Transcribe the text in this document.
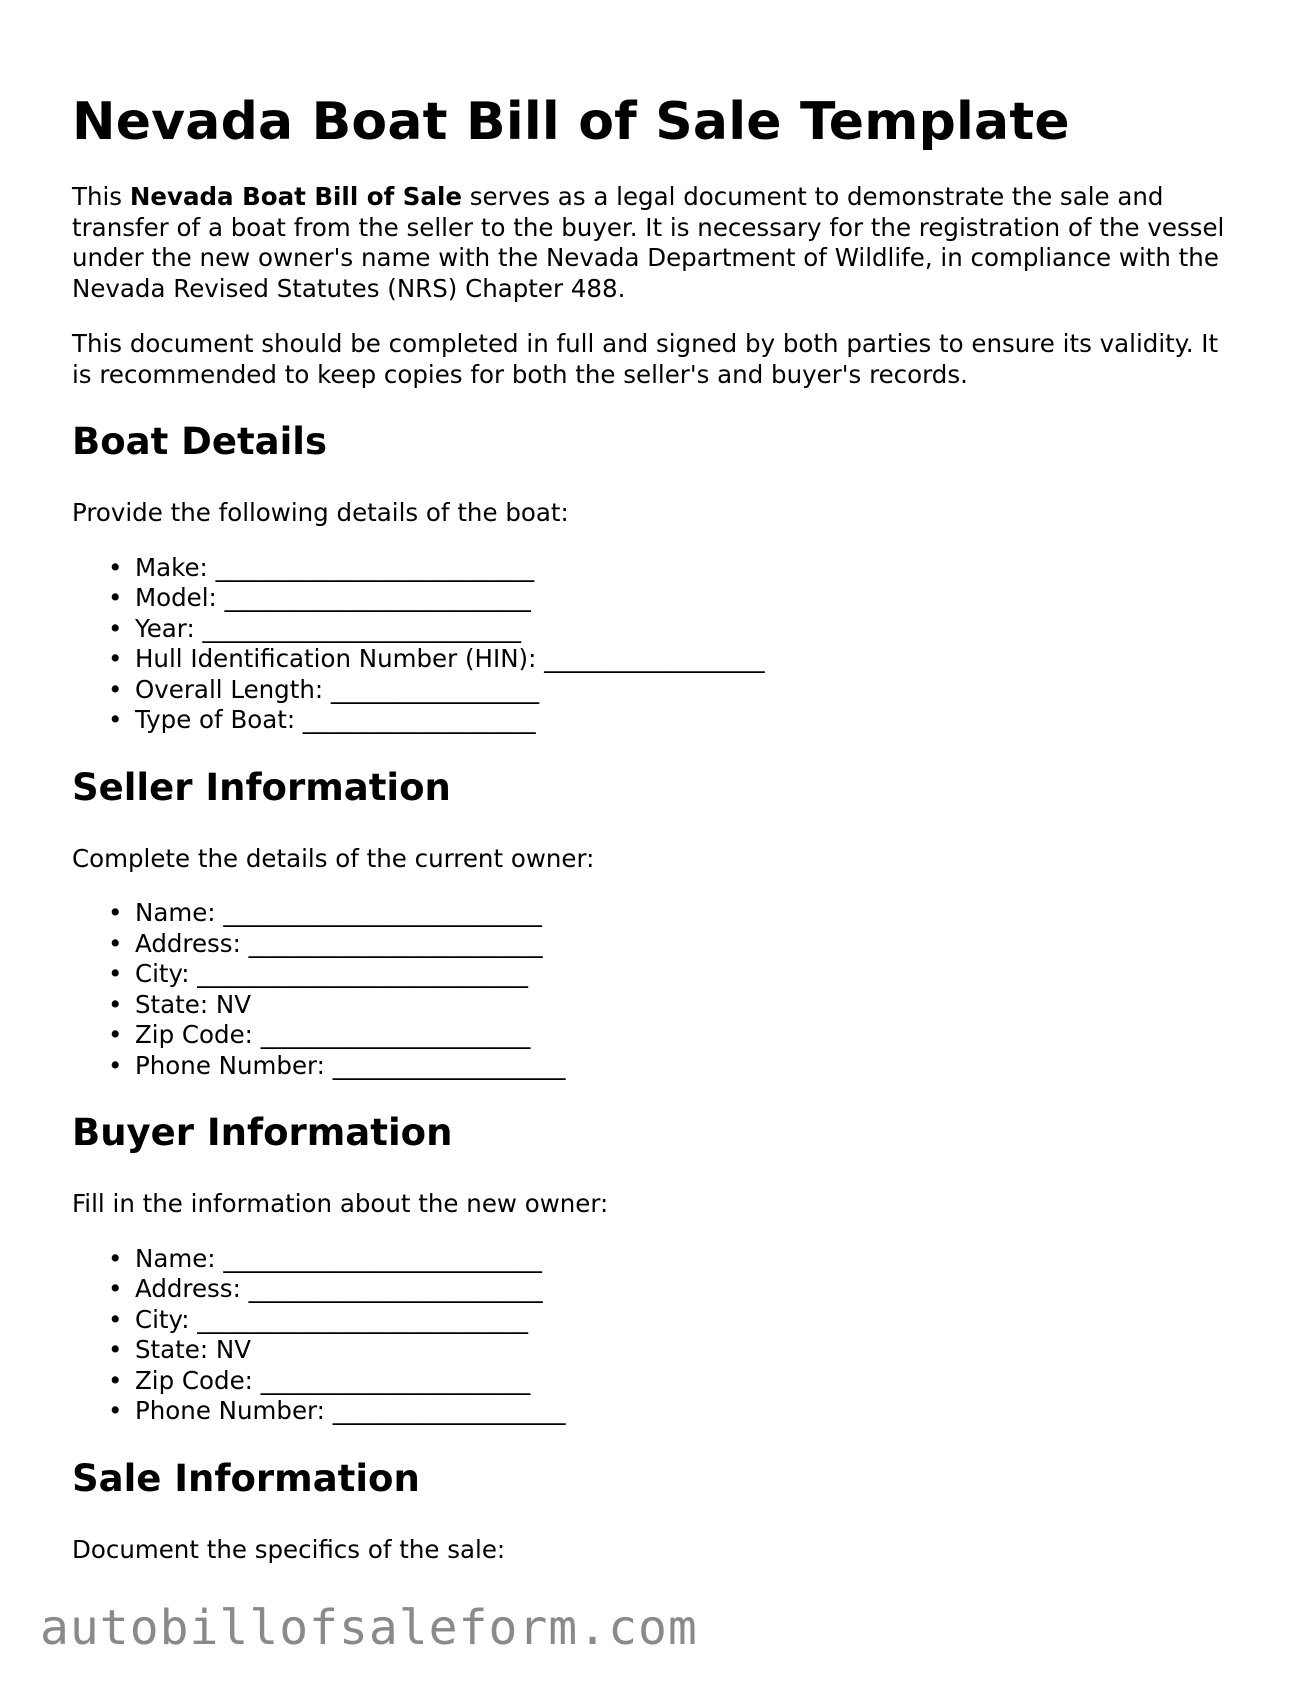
Nevada Boat Bill of Sale Template

This Nevada Boat Bill of Sale serves as a legal document to demonstrate the sale and transfer of a boat from the seller to the buyer. It is necessary for the registration of the vessel under the new owner's name with the Nevada Department of Wildlife, in compliance with the Nevada Revised Statutes (NRS) Chapter 488.

This document should be completed in full and signed by both parties to ensure its validity. It is recommended to keep copies for both the seller's and buyer's records.

Boat Details

Provide the following details of the boat:

• Make: __________________________
• Model: _________________________
• Year: __________________________
• Hull Identification Number (HIN): __________________
• Overall Length: _________________
• Type of Boat: ___________________
Seller Information

Complete the details of the current owner:

• Name: __________________________
• Address: ________________________
• City: ___________________________
• State: NV
• Zip Code: ______________________
• Phone Number: ___________________
Buyer Information

Fill in the information about the new owner:

• Name: __________________________
• Address: ________________________
• City: ___________________________
• State: NV
• Zip Code: ______________________
• Phone Number: ___________________
Sale Information

Document the specifics of the sale:

autobillofsaleform.com
